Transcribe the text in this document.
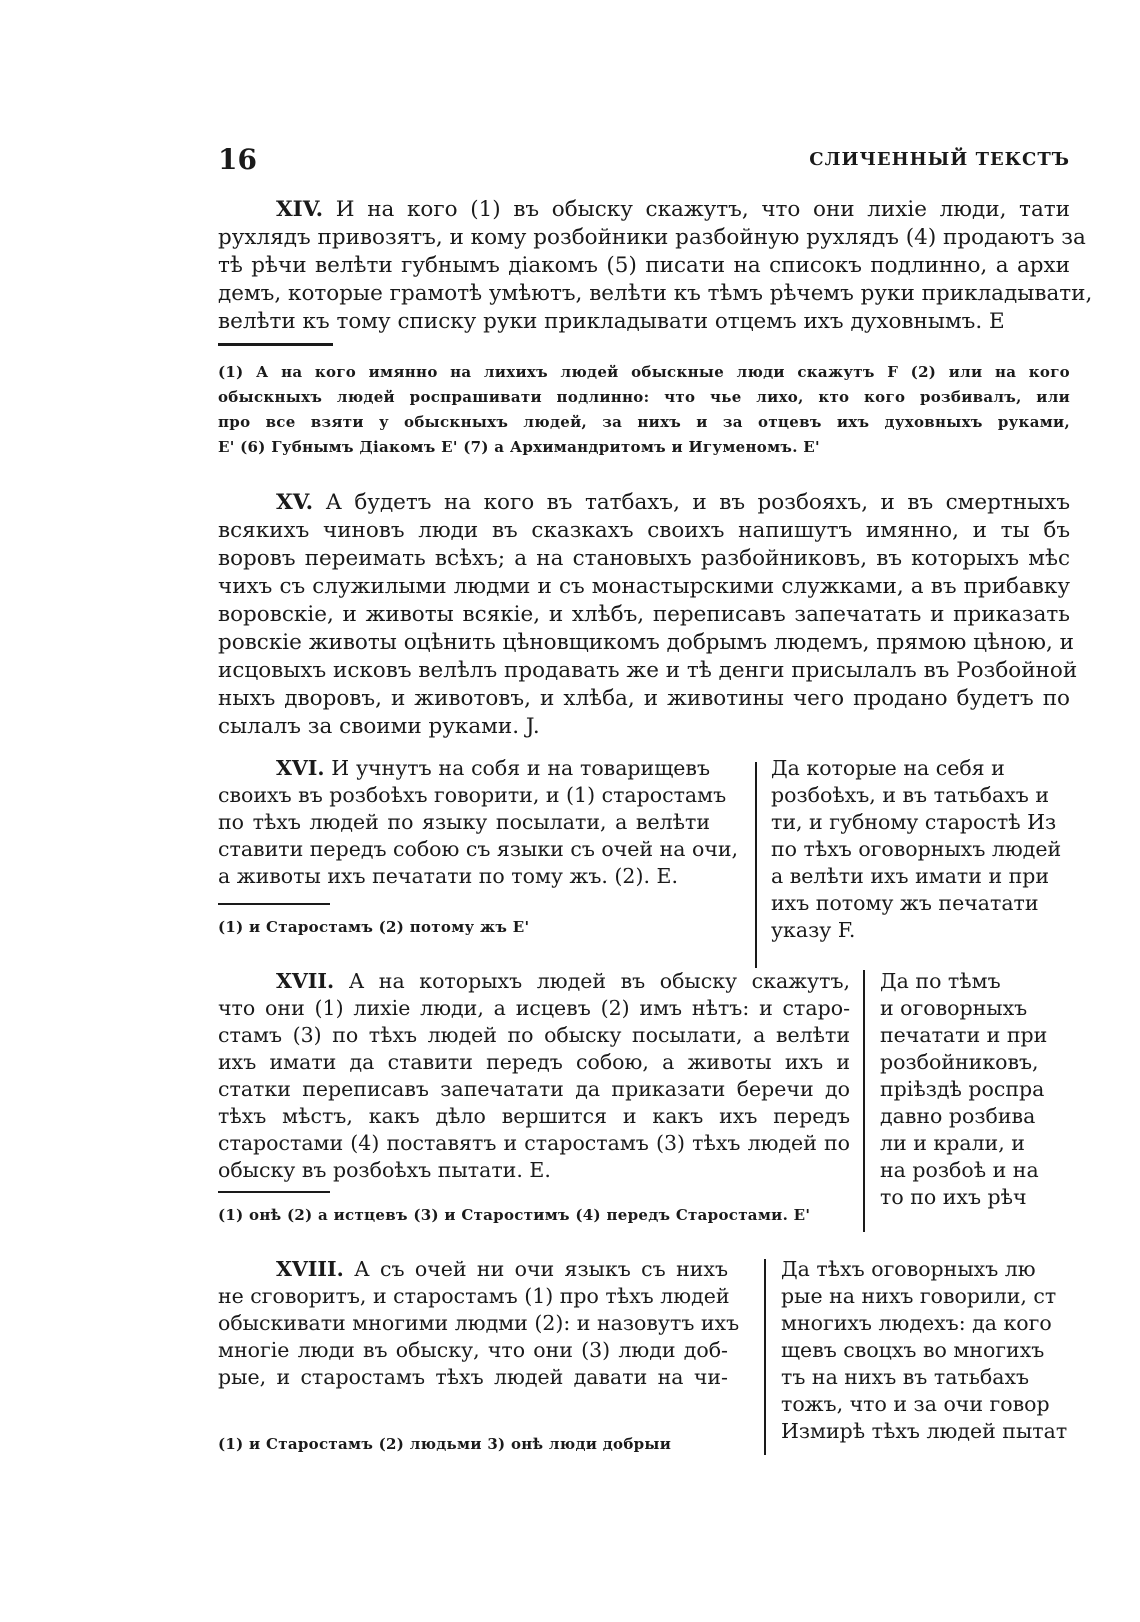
16	СЛИЧЕННЫЙ ТЕКСТЪ
XIV. И на кого (1) въ обыску скажутъ, что они лихіе люди, тати
рухлядъ привозятъ, и кому розбойники разбойную рухлядъ (4) продаютъ за
тѣ рѣчи велѣти губнымъ діакомъ (5) писати на списокъ подлинно, а архи
демъ, которые грамотѣ умѣютъ, велѣти къ тѣмъ рѣчемъ руки прикладывати,
велѣти къ тому списку руки прикладывати отцемъ ихъ духовнымъ. Е
(1) А на кого имянно на лихихъ людей обыскные люди скажутъ F (2) или на кого
обыскныхъ людей роспрашивати подлинно: что чье лихо, кто кого розбивалъ, или
про все взяти у обыскныхъ людей, за нихъ и за отцевъ ихъ духовныхъ руками,
Е' (6) Губнымъ Діакомъ Е' (7) а Архимандритомъ и Игуменомъ. Е'
XV. А будетъ на кого въ татбахъ, и въ розбояхъ, и въ смертныхъ
всякихъ чиновъ люди въ сказкахъ своихъ напишутъ имянно, и ты бъ
воровъ переимать всѣхъ; а на становыхъ разбойниковъ, въ которыхъ мѣс
чихъ съ служилыми людми и съ монастырскими служками, а въ прибавку
воровскіе, и животы всякіе, и хлѣбъ, переписавъ запечатать и приказать
ровскіе животы оцѣнить цѣновщикомъ добрымъ людемъ, прямою цѣною, и
исцовыхъ исковъ велѣлъ продавать же и тѣ денги присылалъ въ Розбойной
ныхъ дворовъ, и животовъ, и хлѣба, и животины чего продано будетъ по
сылалъ за своими руками. J.
XVI. И учнутъ на собя и на товарищевъ
своихъ въ розбоѣхъ говорити, и (1) старостамъ
по тѣхъ людей по языку посылати, а велѣти
ставити передъ собою съ языки съ очей на очи,
а животы ихъ печатати по тому жъ. (2). Е.
(1) и Старостамъ (2) потому жъ Е'
Да которые на себя и
розбоѣхъ, и въ татьбахъ и
ти, и губному старостѣ Из
по тѣхъ оговорныхъ людей
а велѣти ихъ имати и при
ихъ потому жъ печатати
указу F.
XVII. А на которыхъ людей въ обыску скажутъ,
что они (1) лихіе люди, а исцевъ (2) имъ нѣтъ: и старо-
стамъ (3) по тѣхъ людей по обыску посылати, а велѣти
ихъ имати да ставити передъ собою, а животы ихъ и
статки переписавъ запечатати да приказати беречи до
тѣхъ мѣстъ, какъ дѣло вершится и какъ ихъ передъ
старостами (4) поставятъ и старостамъ (3) тѣхъ людей по
обыску въ розбоѣхъ пытати. Е.
(1) онѣ (2) а истцевъ (3) и Старостимъ (4) передъ Старостами. Е'
Да по тѣмъ
и оговорныхъ
печатати и при
розбойниковъ,
пріѣздѣ роспра
давно розбива
ли и крали, и
на розбоѣ и на
то по ихъ рѣч
XVIII. А съ очей ни очи языкъ съ нихъ
не сговоритъ, и старостамъ (1) про тѣхъ людей
обыскивати многими людми (2): и назовутъ ихъ
многіе люди въ обыску, что они (3) люди доб-
рые, и старостамъ тѣхъ людей давати на чи-
(1) и Старостамъ (2) людьми 3) онѣ люди добрыи
Да тѣхъ оговорныхъ лю
рые на нихъ говорили, ст
многихъ людехъ: да кого
щевъ своцхъ во многихъ
тъ на нихъ въ татьбахъ
тожъ, что и за очи говор
Измирѣ тѣхъ людей пытат
